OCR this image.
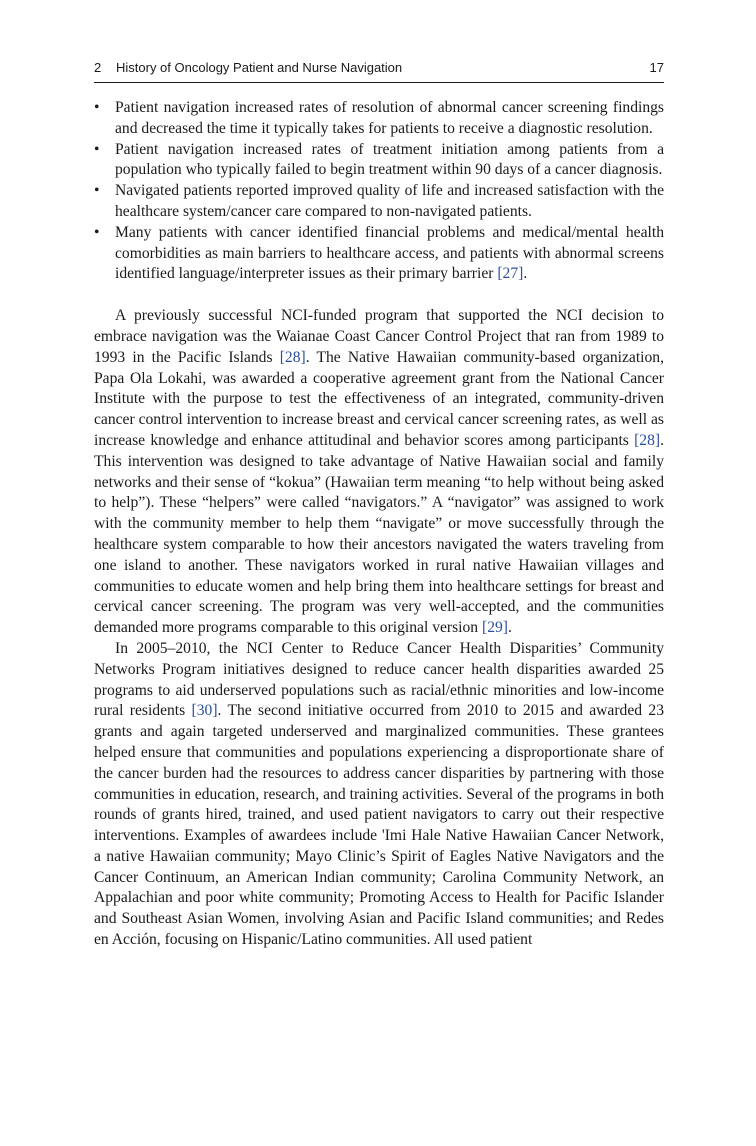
2 History of Oncology Patient and Nurse Navigation	17
• Patient navigation increased rates of resolution of abnormal cancer screening findings and decreased the time it typically takes for patients to receive a diagnostic resolution.
• Patient navigation increased rates of treatment initiation among patients from a population who typically failed to begin treatment within 90 days of a cancer diagnosis.
• Navigated patients reported improved quality of life and increased satisfaction with the healthcare system/cancer care compared to non-navigated patients.
• Many patients with cancer identified financial problems and medical/mental health comorbidities as main barriers to healthcare access, and patients with abnormal screens identified language/interpreter issues as their primary barrier [27].

A previously successful NCI-funded program that supported the NCI decision to embrace navigation was the Waianae Coast Cancer Control Project that ran from 1989 to 1993 in the Pacific Islands [28]. The Native Hawaiian community-based organization, Papa Ola Lokahi, was awarded a cooperative agreement grant from the National Cancer Institute with the purpose to test the effectiveness of an integrated, community-driven cancer control intervention to increase breast and cervical cancer screening rates, as well as increase knowledge and enhance attitudinal and behavior scores among participants [28]. This intervention was designed to take advantage of Native Hawaiian social and family networks and their sense of “kokua” (Hawaiian term meaning “to help without being asked to help”). These “helpers” were called “navigators.” A “navigator” was assigned to work with the community member to help them “navigate” or move successfully through the healthcare system comparable to how their ancestors navigated the waters traveling from one island to another. These navigators worked in rural native Hawaiian villages and communities to educate women and help bring them into healthcare settings for breast and cervical cancer screening. The program was very well-accepted, and the communities demanded more programs comparable to this original version [29].

In 2005–2010, the NCI Center to Reduce Cancer Health Disparities’ Community Networks Program initiatives designed to reduce cancer health disparities awarded 25 programs to aid underserved populations such as racial/ethnic minorities and low-income rural residents [30]. The second initiative occurred from 2010 to 2015 and awarded 23 grants and again targeted underserved and marginalized communities. These grantees helped ensure that communities and populations experiencing a disproportionate share of the cancer burden had the resources to address cancer disparities by partnering with those communities in education, research, and training activities. Several of the programs in both rounds of grants hired, trained, and used patient navigators to carry out their respective interventions. Examples of awardees include 'Imi Hale Native Hawaiian Cancer Network, a native Hawaiian community; Mayo Clinic’s Spirit of Eagles Native Navigators and the Cancer Continuum, an American Indian community; Carolina Community Network, an Appalachian and poor white community; Promoting Access to Health for Pacific Islander and Southeast Asian Women, involving Asian and Pacific Island communities; and Redes en Acción, focusing on Hispanic/Latino communities. All used patient
